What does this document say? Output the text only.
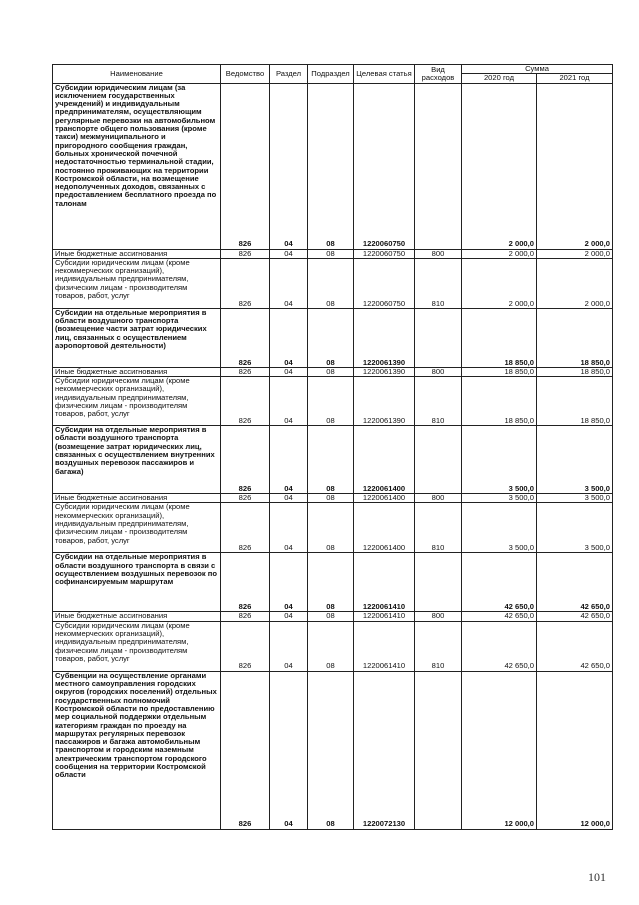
Наименование	Ведомство	Раздел	Подраздел	Целевая статья	Вид расходов	Сумма	
						2020 год	2021 год
Субсидии юридическим лицам (за исключением государственных учреждений) и индивидуальным предпринимателям, осуществляющим регулярные перевозки на автомобильном транспорте общего пользования (кроме такси) межмуниципального и пригородного сообщения граждан, больных хронической почечной недостаточностью терминальной стадии, постоянно проживающих на территории Костромской области, на возмещение недополученных доходов, связанных с предоставлением бесплатного проезда по талонам	826	04	08	1220060750		2 000,0	2 000,0
Иные бюджетные ассигнования	826	04	08	1220060750	800	2 000,0	2 000,0
Субсидии юридическим лицам (кроме некоммерческих организаций), индивидуальным предпринимателям, физическим лицам - производителям товаров, работ, услуг	826	04	08	1220060750	810	2 000,0	2 000,0
Субсидии на отдельные мероприятия в области воздушного транспорта (возмещение части затрат юридических лиц, связанных с осуществлением аэропортовой деятельности)	826	04	08	1220061390		18 850,0	18 850,0
Иные бюджетные ассигнования	826	04	08	1220061390	800	18 850,0	18 850,0
Субсидии юридическим лицам (кроме некоммерческих организаций), индивидуальным предпринимателям, физическим лицам - производителям товаров, работ, услуг	826	04	08	1220061390	810	18 850,0	18 850,0
Субсидии на отдельные мероприятия в области воздушного транспорта (возмещение затрат юридических лиц, связанных с осуществлением внутренних воздушных перевозок пассажиров и багажа)	826	04	08	1220061400		3 500,0	3 500,0
Иные бюджетные ассигнования	826	04	08	1220061400	800	3 500,0	3 500,0
Субсидии юридическим лицам (кроме некоммерческих организаций), индивидуальным предпринимателям, физическим лицам - производителям товаров, работ, услуг	826	04	08	1220061400	810	3 500,0	3 500,0
Субсидии на отдельные мероприятия в области воздушного транспорта в связи с осуществлением воздушных перевозок по софинансируемым маршрутам	826	04	08	1220061410		42 650,0	42 650,0
Иные бюджетные ассигнования	826	04	08	1220061410	800	42 650,0	42 650,0
Субсидии юридическим лицам (кроме некоммерческих организаций), индивидуальным предпринимателям, физическим лицам - производителям товаров, работ, услуг	826	04	08	1220061410	810	42 650,0	42 650,0
Субвенции на осуществление органами местного самоуправления городских округов (городских поселений) отдельных государственных полномочий Костромской области по предоставлению мер социальной поддержки отдельным категориям граждан по проезду на маршрутах регулярных перевозок пассажиров и багажа автомобильным транспортом и городским наземным электрическим транспортом городского сообщения на территории Костромской области	826	04	08	1220072130		12 000,0	12 000,0
101
